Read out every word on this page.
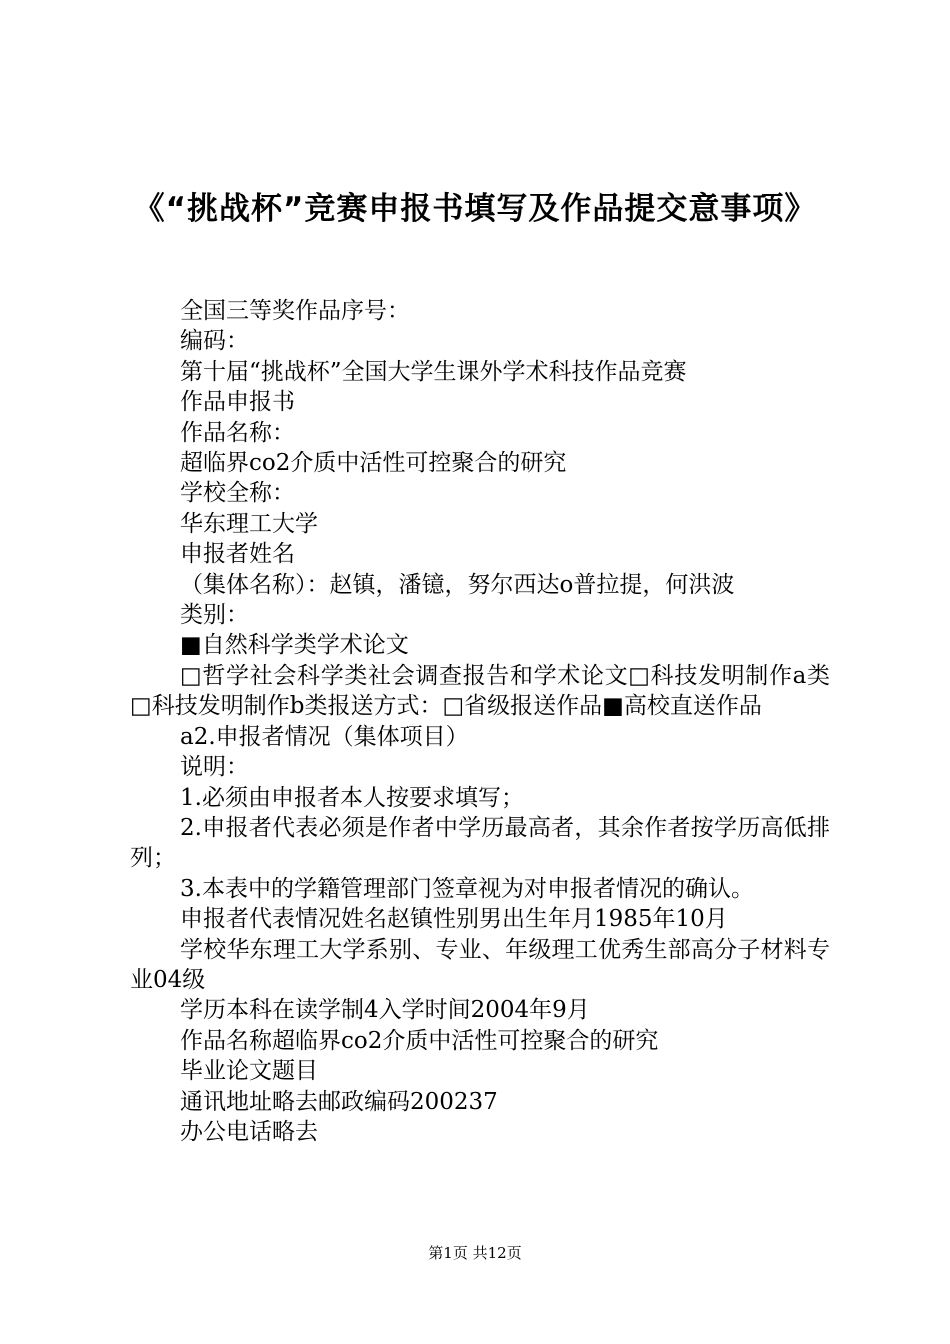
《“挑战杯”竞赛申报书填写及作品提交意事项》

全国三等奖作品序号：

编码：

第十届“挑战杯”全国大学生课外学术科技作品竞赛

作品申报书

作品名称：

超临界co2介质中活性可控聚合的研究

学校全称：

华东理工大学

申报者姓名

（集体名称）：赵镇，潘镱，努尔西达o普拉提，何洪波

类别：

■自然科学类学术论文

□哲学社会科学类社会调查报告和学术论文□科技发明制作a类□科技发明制作b类报送方式：□省级报送作品■高校直送作品

a2.申报者情况（集体项目）

说明：

1.必须由申报者本人按要求填写；

2.申报者代表必须是作者中学历最高者，其余作者按学历高低排列；

3.本表中的学籍管理部门签章视为对申报者情况的确认。

申报者代表情况姓名赵镇性别男出生年月1985年10月

学校华东理工大学系别、专业、年级理工优秀生部高分子材料专业04级

学历本科在读学制4入学时间2004年9月

作品名称超临界co2介质中活性可控聚合的研究

毕业论文题目

通讯地址略去邮政编码200237

办公电话略去

第1页 共12页
